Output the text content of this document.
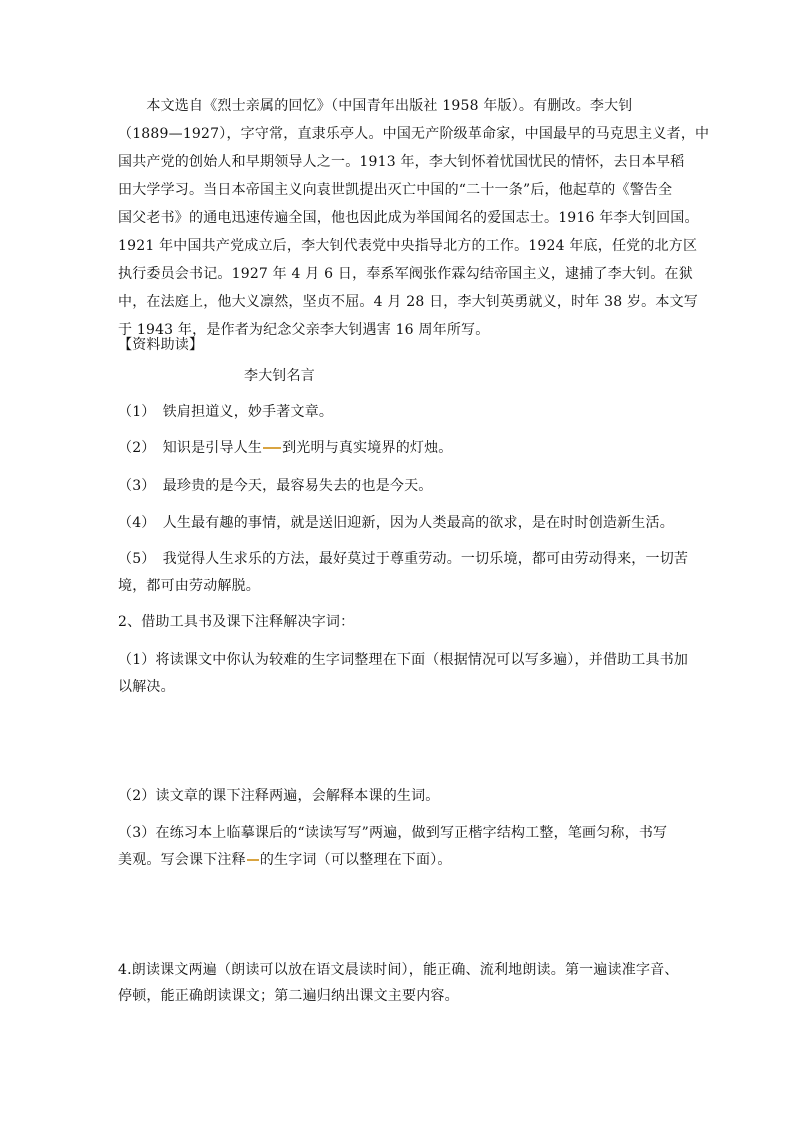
　　本文选自《烈士亲属的回忆》（中国青年出版社 1958 年版）。有删改。李大钊
（1889—1927），字守常，直隶乐亭人。中国无产阶级革命家，中国最早的马克思主义者，中
国共产党的创始人和早期领导人之一。1913 年，李大钊怀着忧国忧民的情怀，去日本早稻
田大学学习。当日本帝国主义向袁世凯提出灭亡中国的“二十一条”后，他起草的《警告全
国父老书》的通电迅速传遍全国，他也因此成为举国闻名的爱国志士。1916 年李大钊回国。
1921 年中国共产党成立后，李大钊代表党中央指导北方的工作。1924 年底，任党的北方区
执行委员会书记。1927 年 4 月 6 日，奉系军阀张作霖勾结帝国主义，逮捕了李大钊。在狱
中，在法庭上，他大义凛然，坚贞不屈。4 月 28 日，李大钊英勇就义，时年 38 岁。本文写
于 1943 年，是作者为纪念父亲李大钊遇害 16 周年所写。
【资料助读】
李大钊名言
（1）　铁肩担道义，妙手著文章。
（2）　知识是引导人生 到光明与真实境界的灯烛。
（3）　最珍贵的是今天，最容易失去的也是今天。
（4）　人生最有趣的事情，就是送旧迎新，因为人类最高的欲求，是在时时创造新生活。
（5）　我觉得人生求乐的方法，最好莫过于尊重劳动。一切乐境，都可由劳动得来，一切苦
境，都可由劳动解脱。
2、借助工具书及课下注释解决字词：
（1）将读课文中你认为较难的生字词整理在下面（根据情况可以写多遍），并借助工具书加
以解决。
（2）读文章的课下注释两遍，会解释本课的生词。
（3）在练习本上临摹课后的“读读写写”两遍，做到写正楷字结构工整，笔画匀称，书写
美观。写会课下注释 的生字词（可以整理在下面）。
4.朗读课文两遍（朗读可以放在语文晨读时间），能正确、流利地朗读。第一遍读准字音、
停顿，能正确朗读课文；第二遍归纳出课文主要内容。
